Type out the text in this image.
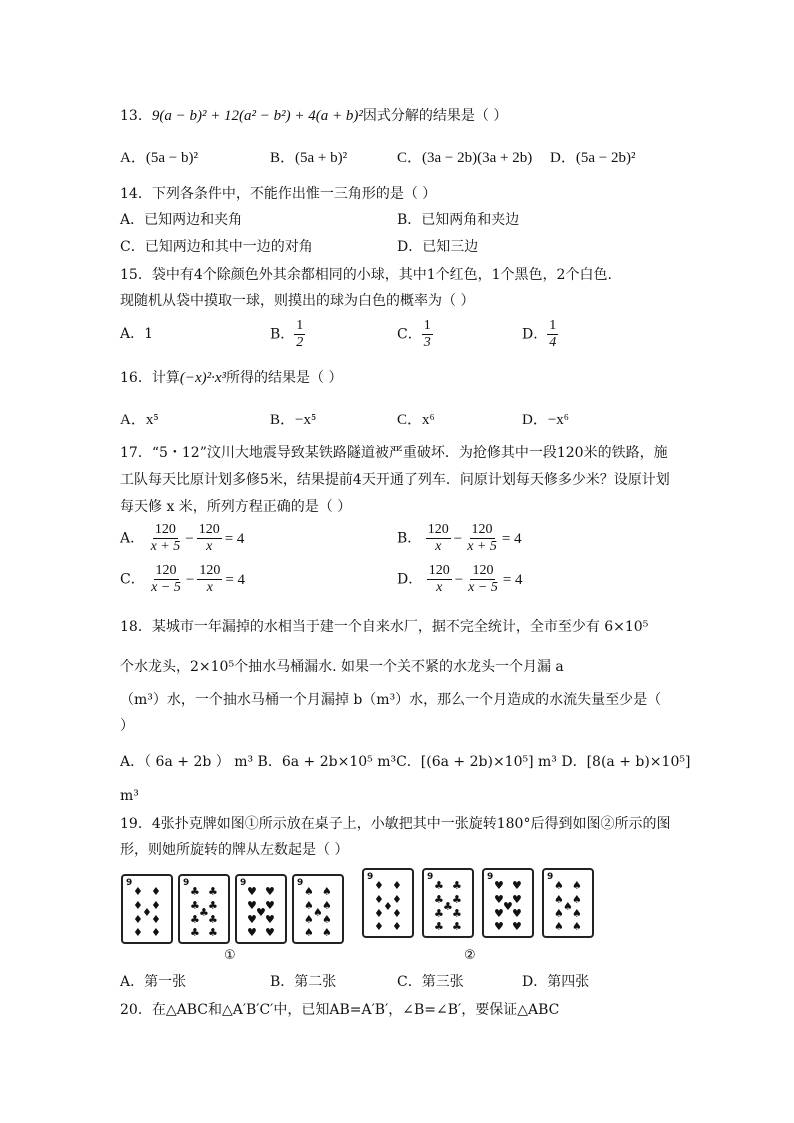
13．9(a − b)² + 12(a² − b²) + 4(a + b)²因式分解的结果是（ ）
A．(5a − b)²	B．(5a + b)²	C．(3a − 2b)(3a + 2b) D．(5a − 2b)²
14．下列各条件中，不能作出惟一三角形的是（ ）
A．已知两边和夹角	B．已知两角和夹边
C．已知两边和其中一边的对角	D．已知三边
15．袋中有4个除颜色外其余都相同的小球，其中1个红色，1个黑色，2个白色.
现随机从袋中摸取一球，则摸出的球为白色的概率为（ ）
A．1	B． $\frac{1}{2}$	C． $\frac{1}{3}$	D． $\frac{1}{4}$
16．计算(−x)²·x³所得的结果是（ ）
A．x⁵	B．−x⁵	C．x⁶	D．−x⁶
17．“5・12”汶川大地震导致某铁路隧道被严重破坏．为抢修其中一段120米的铁路，施
工队每天比原计划多修5米，结果提前4天开通了列车．问原计划每天修多少米？设原计划
每天修 x 米，所列方程正确的是（ ）
A． $\frac{120}{x + 5} - \frac{120}{x} = 4$	B． $\frac{120}{x} - \frac{120}{x + 5} = 4$
C． $\frac{120}{x - 5} - \frac{120}{x} = 4$	D． $\frac{120}{x} - \frac{120}{x - 5} = 4$
18．某城市一年漏掉的水相当于建一个自来水厂，据不完全统计，全市至少有 6×10⁵
个水龙头，2×10⁵个抽水马桶漏水. 如果一个关不紧的水龙头一个月漏 a
（m³）水，一个抽水马桶一个月漏掉 b（m³）水，那么一个月造成的水流失量至少是（
）
A．（ 6a + 2b ） m³ B．6a + 2b×10⁵ m³C．[(6a + 2b)×10⁵] m³ D．[8(a + b)×10⁵]
m³
19．4张扑克牌如图①所示放在桌子上，小敏把其中一张旋转180°后得到如图②所示的图
形，则她所旋转的牌从左数起是（ ）
9
♦ ♦
♦ ♦
♦
♦ ♦
♦ ♦
9
♣ ♣
♣ ♣
♣
♣ ♣
♣ ♣
9
♥ ♥
♥ ♥
♥
♥ ♥
♥ ♥
9
♠ ♠
♠ ♠
♠
♠ ♠
♠ ♠
①
9
♦ ♦
♦ ♦
♦
♦ ♦
♦ ♦
9
♣ ♣
♣ ♣
♣
♣ ♣
♣ ♣
9
♥ ♥
♥ ♥
♥
♥ ♥
♥ ♥
9
♠ ♠
♠ ♠
♠
♠ ♠
♠ ♠
②
A．第一张	B．第二张	C．第三张	D．第四张
20．在△ABC和△A′B′C′中，已知AB=A′B′，∠B=∠B′，要保证△ABC
